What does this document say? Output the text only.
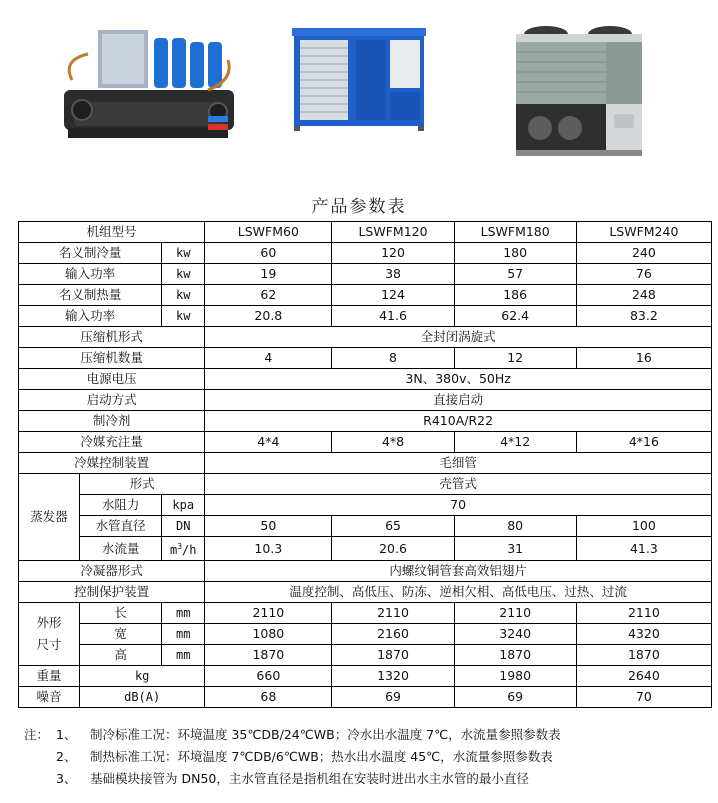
产品参数表
机组型号			LSWFM60	LSWFM120	LSWFM180	LSWFM240
名义制冷量		kw	60	120	180	240
输入功率		kw	19	38	57	76
名义制热量		kw	62	124	186	248
输入功率		kw	20.8	41.6	62.4	83.2
压缩机形式			全封闭涡旋式			
压缩机数量			4	8	12	16
电源电压			3N、380v、50Hz			
启动方式			直接启动			
制冷剂			R410A/R22			
冷媒充注量			4*4	4*8	4*12	4*16
冷媒控制装置			毛细管			
蒸发器	形式		壳管式			
	水阻力	kpa	70			
	水管直径	DN	50	65	80	100
	水流量	$m^3/h$	10.3	20.6	31	41.3
冷凝器形式			内螺纹铜管套高效铝翅片			
控制保护装置			温度控制、高低压、防冻、逆相欠相、高低电压、过热、过流			

外形
尺寸	长	mm	2110	2110	2110	2110
	宽	mm	1080	2160	3240	4320
	高	mm	1870	1870	1870	1870
重量	kg		660	1320	1980	2640
噪音	dB(A)		68	69	69	70
注： 1、 制冷标准工况：环境温度 35℃DB/24℃WB；冷水出水温度 7℃，水流量参照参数表
2、 制热标准工况：环境温度 7℃DB/6℃WB；热水出水温度 45℃，水流量参照参数表
3、 基础模块接管为 DN50，主水管直径是指机组在安装时进出水主水管的最小直径
